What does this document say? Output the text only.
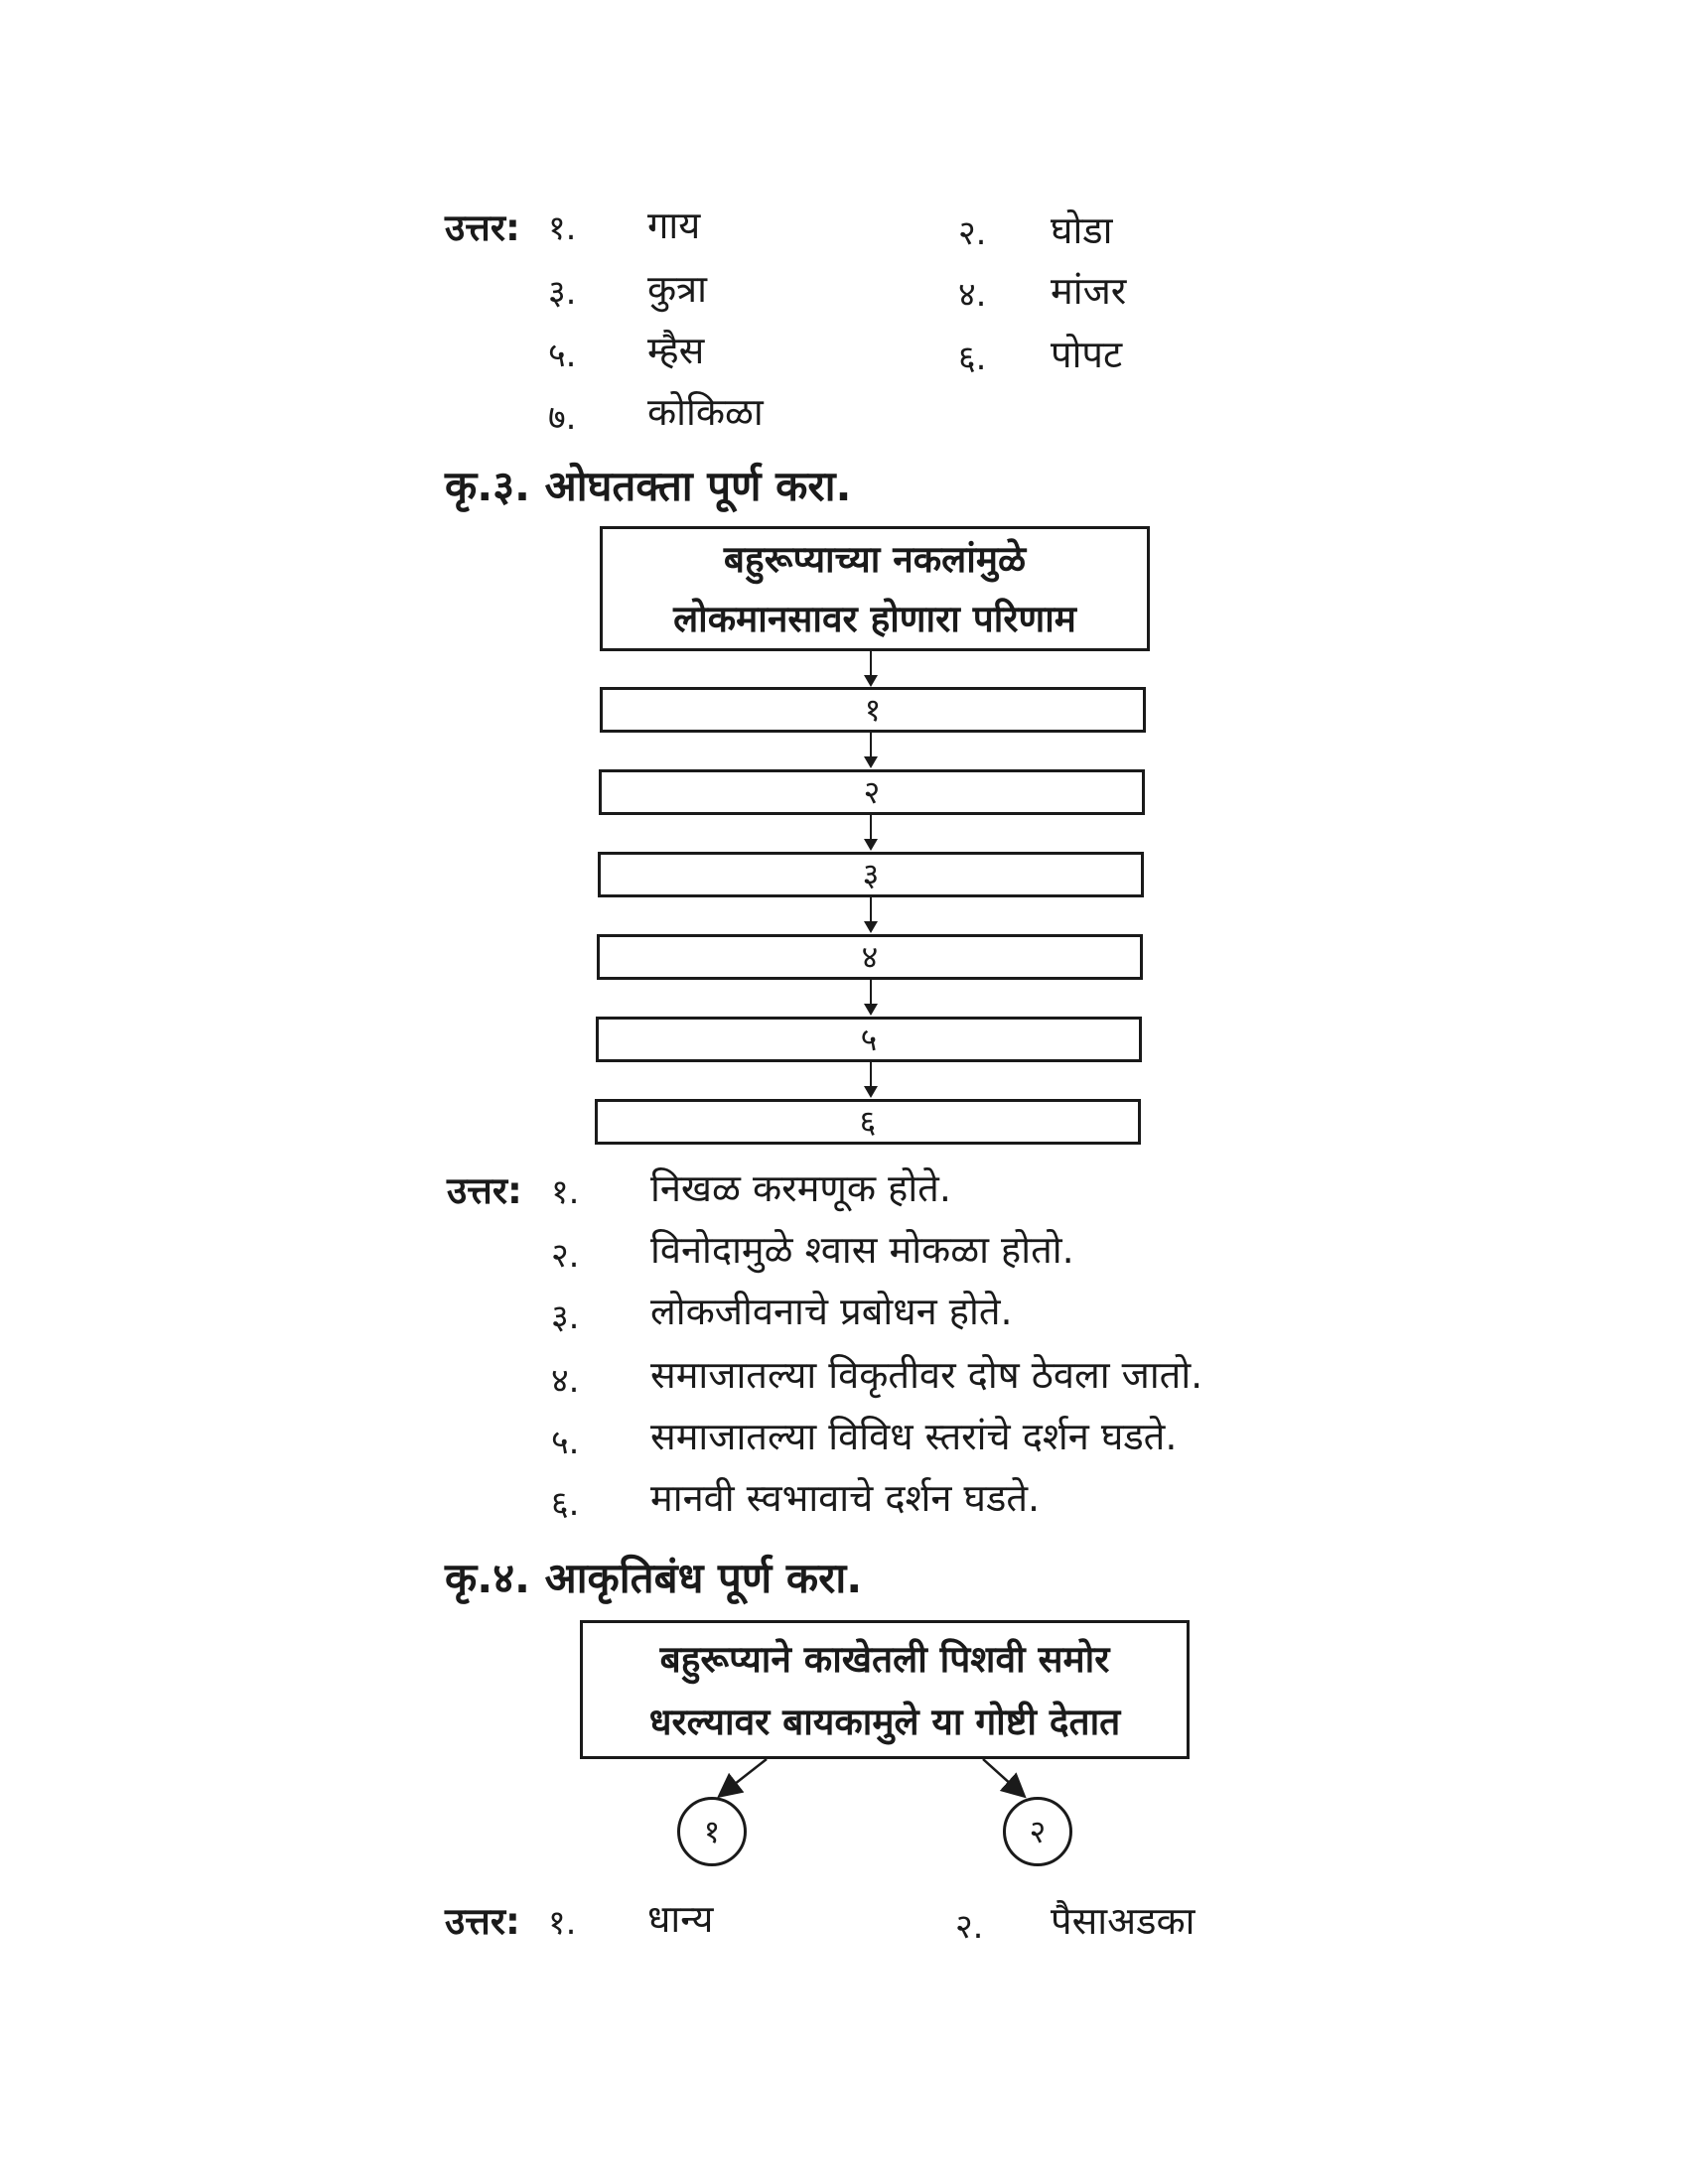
उत्तर: १. गाय	२. घोडा
३. कुत्रा	४. मांजर
५. म्हैस	६. पोपट
७. कोकिळा
कृ.३. ओघतक्ता पूर्ण करा.
बहुरूप्याच्या नकलांमुळे
लोकमानसावर होणारा परिणाम
१
२
३
४
५
६
उत्तर: १. निखळ करमणूक होते.
२. विनोदामुळे श्वास मोकळा होतो.
३. लोकजीवनाचे प्रबोधन होते.
४. समाजातल्या विकृतीवर दोष ठेवला जातो.
५. समाजातल्या विविध स्तरांचे दर्शन घडते.
६. मानवी स्वभावाचे दर्शन घडते.
कृ.४. आकृतिबंध पूर्ण करा.
बहुरूप्याने काखेतली पिशवी समोर
धरल्यावर बायकामुले या गोष्टी देतात
१	२
उत्तर: १. धान्य	२. पैसाअडका
